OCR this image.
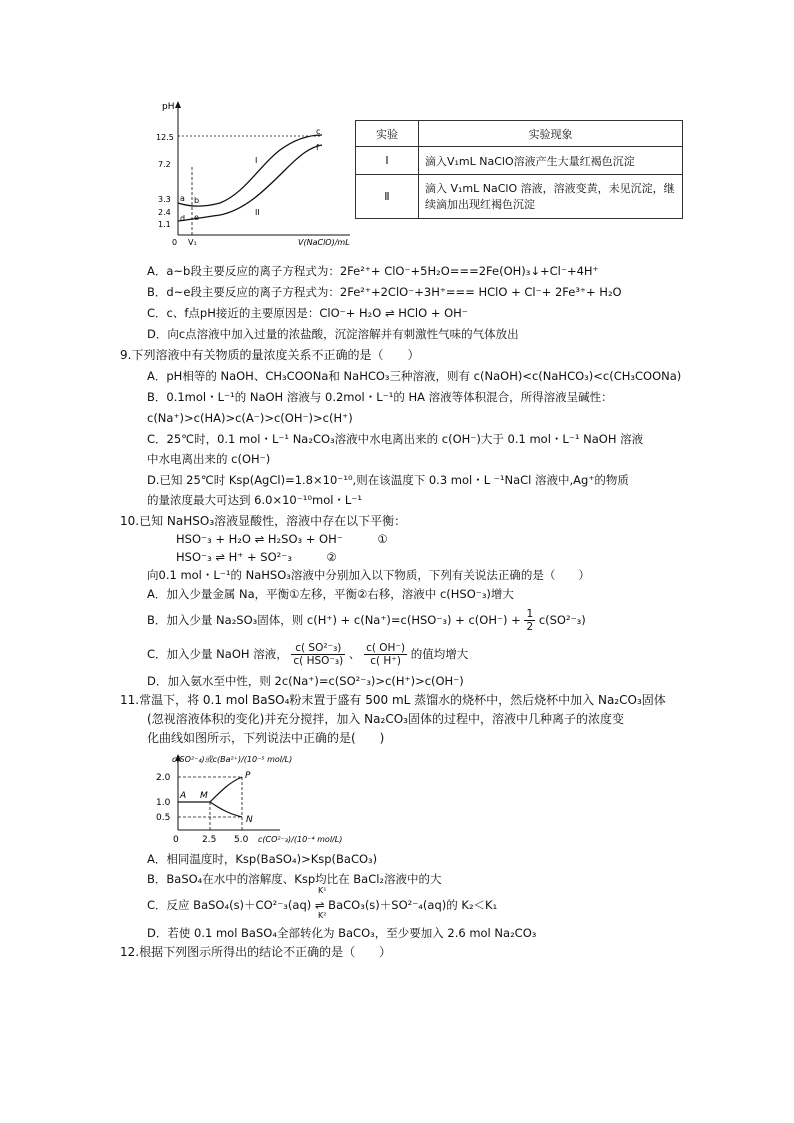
pH
12.5
7.2
3.3
2.4
1.1
0 V₁	V(NaClO)/mL
a b
c
d e
f
I
II
实验	实验现象
Ⅰ	滴入V₁mL NaClO溶液产生大量红褐色沉淀
Ⅱ	滴入 V₁mL NaClO 溶液，溶液变黄，未见沉淀，继续滴加出现红褐色沉淀
A．a~b段主要反应的离子方程式为：2Fe²⁺+ ClO⁻+5H₂O===2Fe(OH)₃↓+Cl⁻+4H⁺
B．d~e段主要反应的离子方程式为：2Fe²⁺+2ClO⁻+3H⁺=== HClO + Cl⁻+ 2Fe³⁺+ H₂O
C．c、f点pH接近的主要原因是：ClO⁻+ H₂O ⇌ HClO + OH⁻
D．向c点溶液中加入过量的浓盐酸，沉淀溶解并有刺激性气味的气体放出
9.下列溶液中有关物质的量浓度关系不正确的是（　　）
A．pH相等的 NaOH、CH₃COONa和 NaHCO₃三种溶液，则有 c(NaOH)<c(NaHCO₃)<c(CH₃COONa)
B．0.1mol・L⁻¹的 NaOH 溶液与 0.2mol・L⁻¹的 HA 溶液等体积混合，所得溶液呈碱性：
c(Na⁺)>c(HA)>c(A⁻)>c(OH⁻)>c(H⁺)
C．25℃时，0.1 mol・L⁻¹ Na₂CO₃溶液中水电离出来的 c(OH⁻)大于 0.1 mol・L⁻¹ NaOH 溶液
中水电离出来的 c(OH⁻)
D.已知 25℃时 Ksp(AgCl)=1.8×10⁻¹⁰,则在该温度下 0.3 mol・L ⁻¹NaCl 溶液中,Ag⁺的物质
的量浓度最大可达到 6.0×10⁻¹⁰mol・L⁻¹
10.已知 NaHSO₃溶液显酸性，溶液中存在以下平衡：
HSO⁻₃ + H₂O ⇌ H₂SO₃ + OH⁻　　　①
HSO⁻₃ ⇌ H⁺ + SO²⁻₃　　　②
向0.1 mol・L⁻¹的 NaHSO₃溶液中分别加入以下物质，下列有关说法正确的是（　　）
A．加入少量金属 Na，平衡①左移，平衡②右移，溶液中 c(HSO⁻₃)增大
B．加入少量 Na₂SO₃固体，则 $c(H^+) + c(Na^+)=c(HSO^-_3) + c(OH^-) + \frac{1}{2} c(SO^{2-}_3)$
C．加入少量 NaOH 溶液， $\frac{\text{c( SO²⁻₃)}}{\text{c( HSO⁻₃)}}$ 、 $\frac{c( OH^-)}{c( H^+)}$ 的值均增大
D．加入氨水至中性，则 2c(Na⁺)=c(SO²⁻₃)>c(H⁺)>c(OH⁻)
11.常温下，将 0.1 mol BaSO₄粉末置于盛有 500 mL 蒸馏水的烧杯中，然后烧杯中加入 Na₂CO₃固体
(忽视溶液体积的变化)并充分搅拌，加入 Na₂CO₃固体的过程中，溶液中几种离子的浓度变
化曲线如图所示，下列说法中正确的是(　　)
c(SO²⁻₄)或c(Ba²⁺)/(10⁻⁵ mol/L)
2.0
1.0
0.5
A M
P
N
0	2.5 5.0 c(CO²⁻₃)/(10⁻⁴ mol/L)
A．相同温度时，Ksp(BaSO₄)>Ksp(BaCO₃)
B．BaSO₄在水中的溶解度、Ksp均比在 BaCl₂溶液中的大
K¹
C．反应 BaSO₄(s)＋CO²⁻₃(aq) ⇌ BaCO₃(s)＋SO²⁻₄(aq)的 K₂＜K₁
K²
D．若使 0.1 mol BaSO₄全部转化为 BaCO₃，至少要加入 2.6 mol Na₂CO₃
12.根据下列图示所得出的结论不正确的是（　　）
